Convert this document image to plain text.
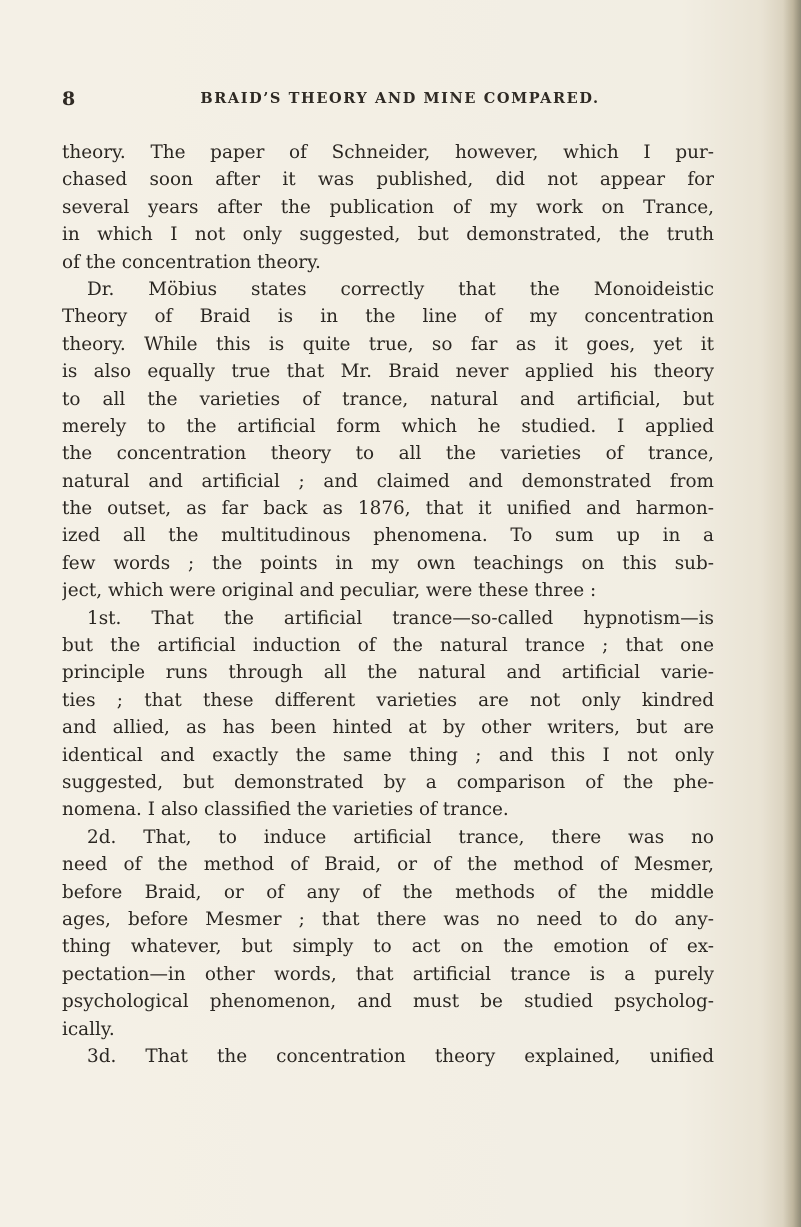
8	BRAID’S THEORY AND MINE COMPARED.
theory. The paper of Schneider, however, which I pur-
chased soon after it was published, did not appear for
several years after the publication of my work on Trance,
in which I not only suggested, but demonstrated, the truth
of the concentration theory.
Dr. Möbius states correctly that the Monoideistic
Theory of Braid is in the line of my concentration
theory. While this is quite true, so far as it goes, yet it
is also equally true that Mr. Braid never applied his theory
to all the varieties of trance, natural and artificial, but
merely to the artificial form which he studied. I applied
the concentration theory to all the varieties of trance,
natural and artificial ; and claimed and demonstrated from
the outset, as far back as 1876, that it unified and harmon-
ized all the multitudinous phenomena. To sum up in a
few words ; the points in my own teachings on this sub-
ject, which were original and peculiar, were these three :
1st. That the artificial trance—so-called hypnotism—is
but the artificial induction of the natural trance ; that one
principle runs through all the natural and artificial varie-
ties ; that these different varieties are not only kindred
and allied, as has been hinted at by other writers, but are
identical and exactly the same thing ; and this I not only
suggested, but demonstrated by a comparison of the phe-
nomena. I also classified the varieties of trance.
2d. That, to induce artificial trance, there was no
need of the method of Braid, or of the method of Mesmer,
before Braid, or of any of the methods of the middle
ages, before Mesmer ; that there was no need to do any-
thing whatever, but simply to act on the emotion of ex-
pectation—in other words, that artificial trance is a purely
psychological phenomenon, and must be studied psycholog-
ically.
3d. That the concentration theory explained, unified
